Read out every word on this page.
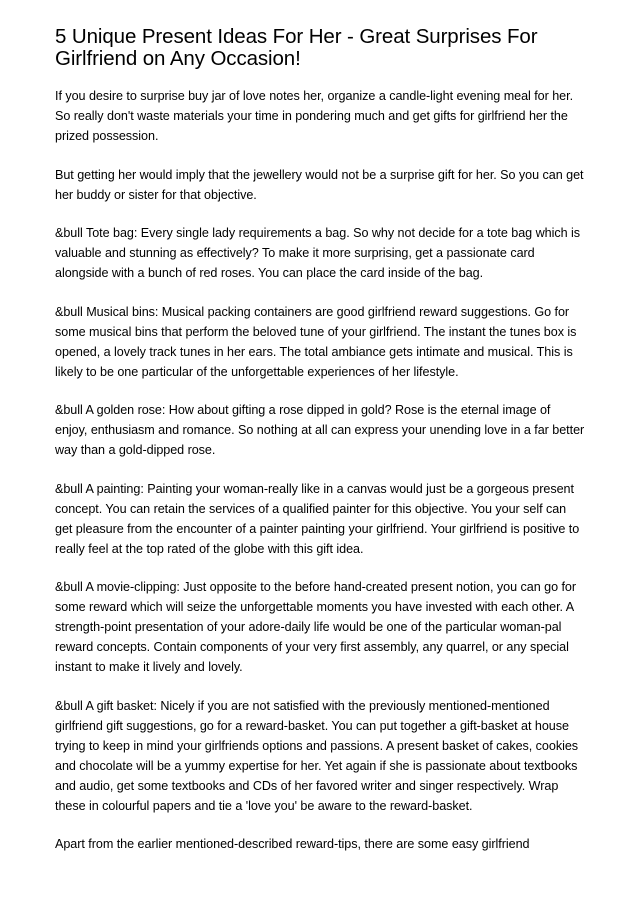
5 Unique Present Ideas For Her - Great Surprises For Girlfriend on Any Occasion!

If you desire to surprise buy jar of love notes her, organize a candle-light evening meal for her. So really don't waste materials your time in pondering much and get gifts for girlfriend her the prized possession.

But getting her would imply that the jewellery would not be a surprise gift for her. So you can get her buddy or sister for that objective.

&bull Tote bag: Every single lady requirements a bag. So why not decide for a tote bag which is valuable and stunning as effectively? To make it more surprising, get a passionate card alongside with a bunch of red roses. You can place the card inside of the bag.

&bull Musical bins: Musical packing containers are good girlfriend reward suggestions. Go for some musical bins that perform the beloved tune of your girlfriend. The instant the tunes box is opened, a lovely track tunes in her ears. The total ambiance gets intimate and musical. This is likely to be one particular of the unforgettable experiences of her lifestyle.

&bull A golden rose: How about gifting a rose dipped in gold? Rose is the eternal image of enjoy, enthusiasm and romance. So nothing at all can express your unending love in a far better way than a gold-dipped rose.

&bull A painting: Painting your woman-really like in a canvas would just be a gorgeous present concept. You can retain the services of a qualified painter for this objective. You your self can get pleasure from the encounter of a painter painting your girlfriend. Your girlfriend is positive to really feel at the top rated of the globe with this gift idea.

&bull A movie-clipping: Just opposite to the before hand-created present notion, you can go for some reward which will seize the unforgettable moments you have invested with each other. A strength-point presentation of your adore-daily life would be one of the particular woman-pal reward concepts. Contain components of your very first assembly, any quarrel, or any special instant to make it lively and lovely.

&bull A gift basket: Nicely if you are not satisfied with the previously mentioned-mentioned girlfriend gift suggestions, go for a reward-basket. You can put together a gift-basket at house trying to keep in mind your girlfriends options and passions. A present basket of cakes, cookies and chocolate will be a yummy expertise for her. Yet again if she is passionate about textbooks and audio, get some textbooks and CDs of her favored writer and singer respectively. Wrap these in colourful papers and tie a 'love you' be aware to the reward-basket.

Apart from the earlier mentioned-described reward-tips, there are some easy girlfriend
